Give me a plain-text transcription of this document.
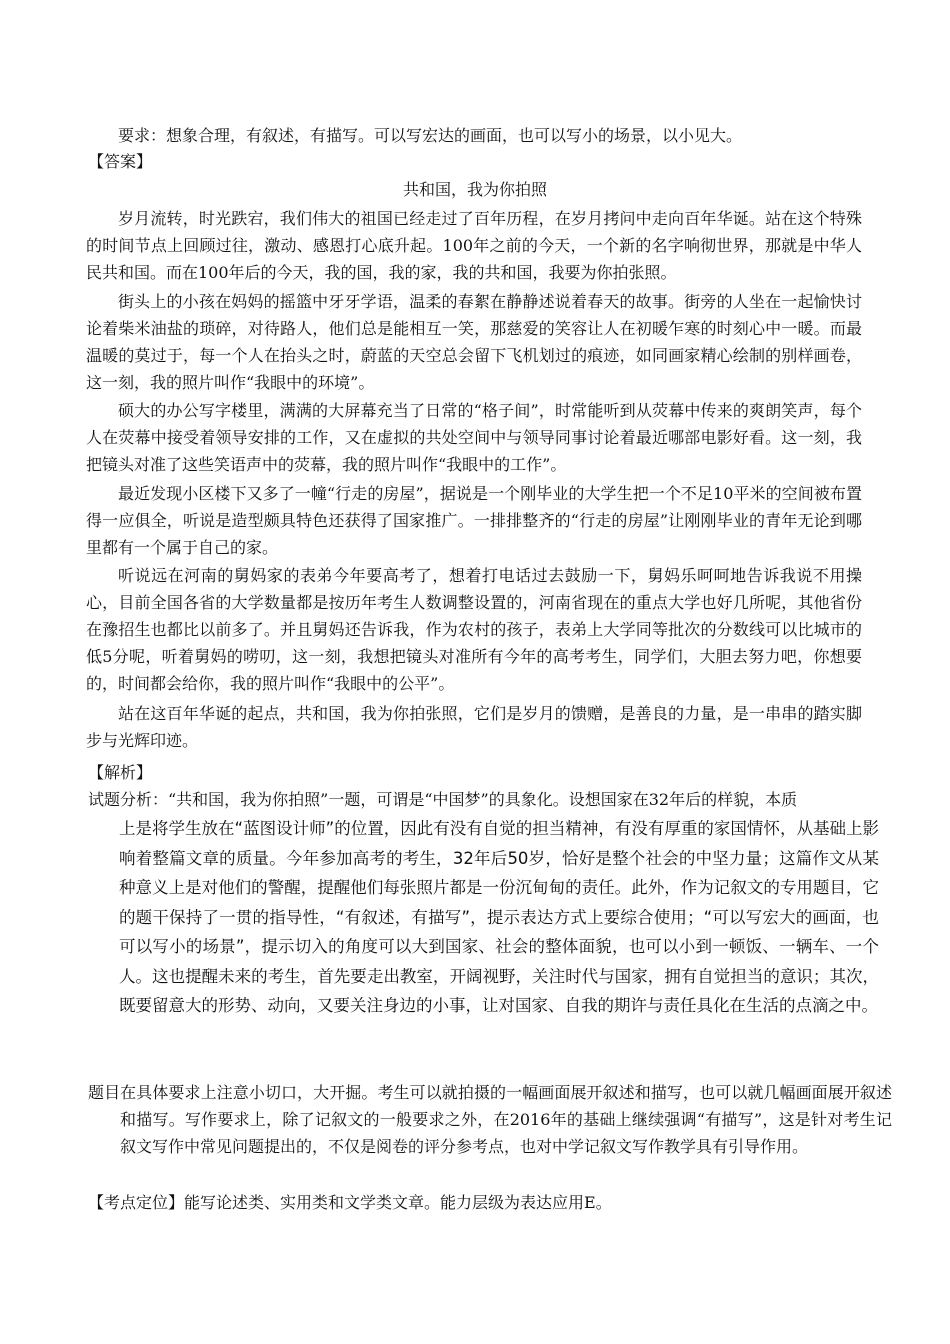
要求：想象合理，有叙述，有描写。可以写宏达的画面，也可以写小的场景，以小见大。
【答案】
共和国，我为你拍照
岁月流转，时光跌宕，我们伟大的祖国已经走过了百年历程，在岁月拷问中走向百年华诞。站在这个特殊的时间节点上回顾过往，激动、感恩打心底升起。100年之前的今天，一个新的名字响彻世界，那就是中华人民共和国。而在100年后的今天，我的国，我的家，我的共和国，我要为你拍张照。
街头上的小孩在妈妈的摇篮中牙牙学语，温柔的春絮在静静述说着春天的故事。街旁的人坐在一起愉快讨论着柴米油盐的琐碎，对待路人，他们总是能相互一笑，那慈爱的笑容让人在初暖乍寒的时刻心中一暖。而最温暖的莫过于，每一个人在抬头之时，蔚蓝的天空总会留下飞机划过的痕迹，如同画家精心绘制的别样画卷，这一刻，我的照片叫作“我眼中的环境”。
硕大的办公写字楼里，满满的大屏幕充当了日常的“格子间”，时常能听到从荧幕中传来的爽朗笑声，每个人在荧幕中接受着领导安排的工作，又在虚拟的共处空间中与领导同事讨论着最近哪部电影好看。这一刻，我把镜头对准了这些笑语声中的荧幕，我的照片叫作“我眼中的工作”。
最近发现小区楼下又多了一幢“行走的房屋”，据说是一个刚毕业的大学生把一个不足10平米的空间被布置得一应俱全，听说是造型颇具特色还获得了国家推广。一排排整齐的“行走的房屋”让刚刚毕业的青年无论到哪里都有一个属于自己的家。
听说远在河南的舅妈家的表弟今年要高考了，想着打电话过去鼓励一下，舅妈乐呵呵地告诉我说不用操心，目前全国各省的大学数量都是按历年考生人数调整设置的，河南省现在的重点大学也好几所呢，其他省份在豫招生也都比以前多了。并且舅妈还告诉我，作为农村的孩子，表弟上大学同等批次的分数线可以比城市的低5分呢，听着舅妈的唠叨，这一刻，我想把镜头对准所有今年的高考考生，同学们，大胆去努力吧，你想要的，时间都会给你，我的照片叫作“我眼中的公平”。
站在这百年华诞的起点，共和国，我为你拍张照，它们是岁月的馈赠，是善良的力量，是一串串的踏实脚步与光辉印迹。
【解析】
试题分析：“共和国，我为你拍照”一题，可谓是“中国梦”的具象化。设想国家在32年后的样貌，本质
上是将学生放在“蓝图设计师”的位置，因此有没有自觉的担当精神，有没有厚重的家国情怀，从基础上影响着整篇文章的质量。今年参加高考的考生，32年后50岁，恰好是整个社会的中坚力量；这篇作文从某种意义上是对他们的警醒，提醒他们每张照片都是一份沉甸甸的责任。此外，作为记叙文的专用题目，它的题干保持了一贯的指导性，“有叙述，有描写”，提示表达方式上要综合使用；“可以写宏大的画面，也可以写小的场景”，提示切入的角度可以大到国家、社会的整体面貌，也可以小到一顿饭、一辆车、一个人。这也提醒未来的考生，首先要走出教室，开阔视野，关注时代与国家，拥有自觉担当的意识；其次，既要留意大的形势、动向，又要关注身边的小事，让对国家、自我的期许与责任具化在生活的点滴之中。
题目在具体要求上注意小切口，大开掘。考生可以就拍摄的一幅画面展开叙述和描写，也可以就几幅画面展开叙述和描写。写作要求上，除了记叙文的一般要求之外，在2016年的基础上继续强调“有描写”，这是针对考生记叙文写作中常见问题提出的，不仅是阅卷的评分参考点，也对中学记叙文写作教学具有引导作用。
【考点定位】能写论述类、实用类和文学类文章。能力层级为表达应用E。
